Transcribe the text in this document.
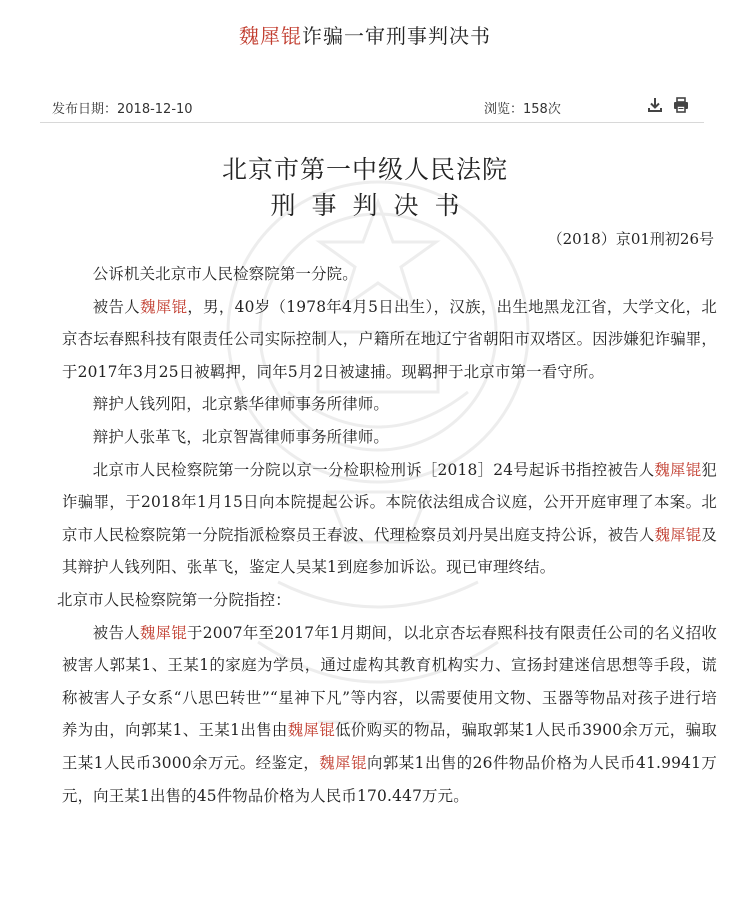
魏犀锟诈骗一审刑事判决书
发布日期：2018-12-10	浏览：158次
北京市第一中级人民法院
刑事判决书
（2018）京01刑初26号

公诉机关北京市人民检察院第一分院。

被告人魏犀锟，男，40岁（1978年4月5日出生），汉族，出生地黑龙江省，大学文化，北京杏坛春熙科技有限责任公司实际控制人，户籍所在地辽宁省朝阳市双塔区。因涉嫌犯诈骗罪，于2017年3月25日被羁押，同年5月2日被逮捕。现羁押于北京市第一看守所。

辩护人钱列阳，北京紫华律师事务所律师。

辩护人张革飞，北京智嵩律师事务所律师。

北京市人民检察院第一分院以京一分检职检刑诉［2018］24号起诉书指控被告人魏犀锟犯诈骗罪，于2018年1月15日向本院提起公诉。本院依法组成合议庭，公开开庭审理了本案。北京市人民检察院第一分院指派检察员王春波、代理检察员刘丹昊出庭支持公诉，被告人魏犀锟及其辩护人钱列阳、张革飞，鉴定人吴某1到庭参加诉讼。现已审理终结。

北京市人民检察院第一分院指控：

被告人魏犀锟于2007年至2017年1月期间，以北京杏坛春熙科技有限责任公司的名义招收被害人郭某1、王某1的家庭为学员，通过虚构其教育机构实力、宣扬封建迷信思想等手段，谎称被害人子女系“八思巴转世”“星神下凡”等内容，以需要使用文物、玉器等物品对孩子进行培养为由，向郭某1、王某1出售由魏犀锟低价购买的物品，骗取郭某1人民币3900余万元，骗取王某1人民币3000余万元。经鉴定，魏犀锟向郭某1出售的26件物品价格为人民币41.9941万元，向王某1出售的45件物品价格为人民币170.447万元。
